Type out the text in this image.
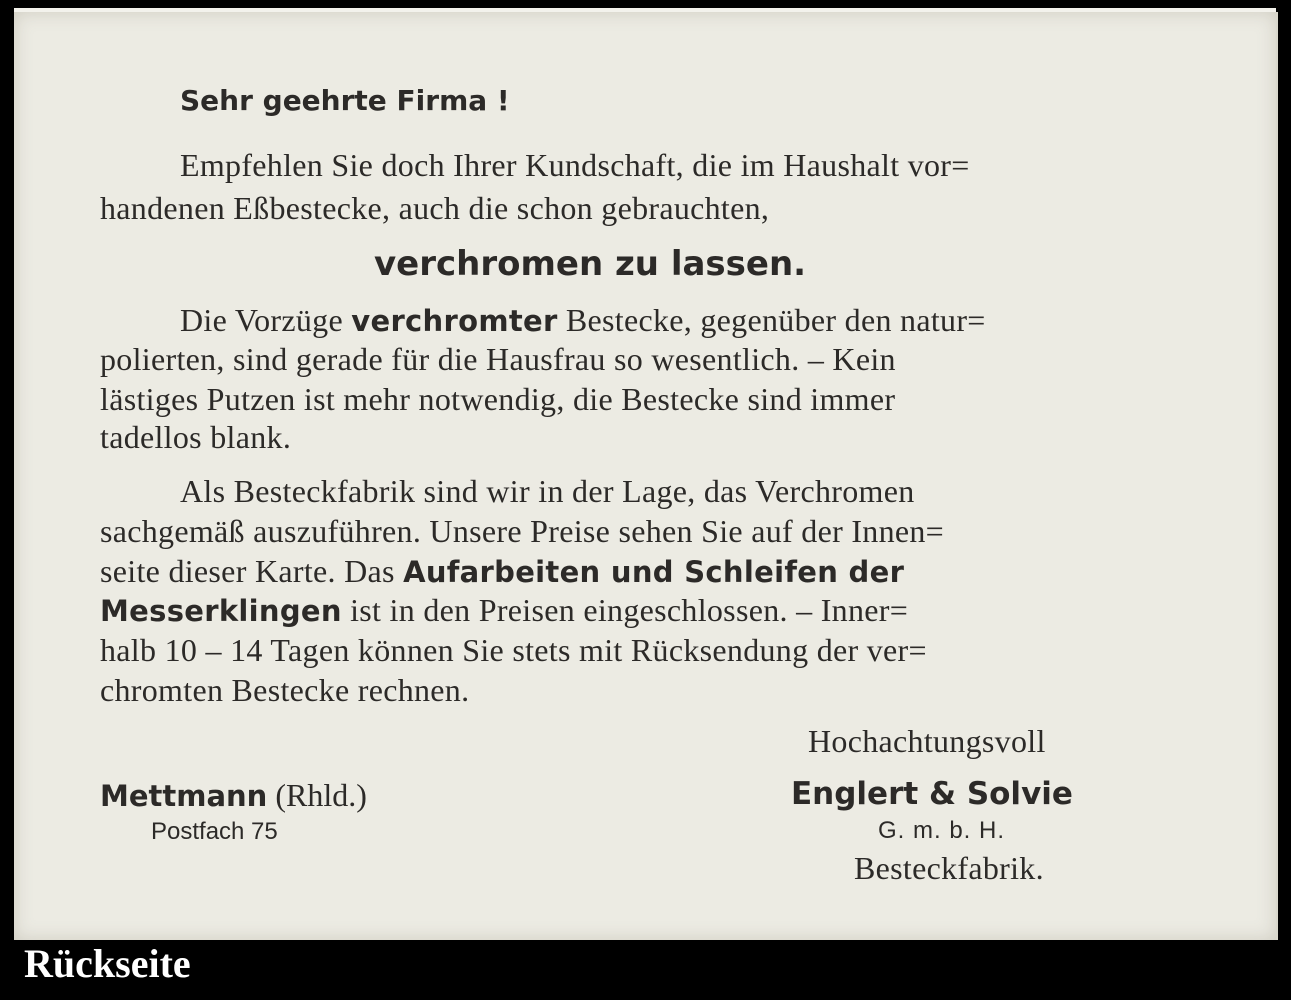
Sehr geehrte Firma !
Empfehlen Sie doch Ihrer Kundschaft, die im Haushalt vor=
handenen Eßbestecke, auch die schon gebrauchten,
verchromen zu lassen.
Die Vorzüge verchromter Bestecke, gegenüber den natur=
polierten, sind gerade für die Hausfrau so wesentlich. – Kein
lästiges Putzen ist mehr notwendig, die Bestecke sind immer
tadellos blank.
Als Besteckfabrik sind wir in der Lage, das Verchromen
sachgemäß auszuführen. Unsere Preise sehen Sie auf der Innen=
seite dieser Karte. Das Aufarbeiten und Schleifen der
Messerklingen ist in den Preisen eingeschlossen. – Inner=
halb 10 – 14 Tagen können Sie stets mit Rücksendung der ver=
chromten Bestecke rechnen.
Hochachtungsvoll
Mettmann (Rhld.)
Postfach 75
Englert & Solvie
G. m. b. H.
Besteckfabrik.
Rückseite
